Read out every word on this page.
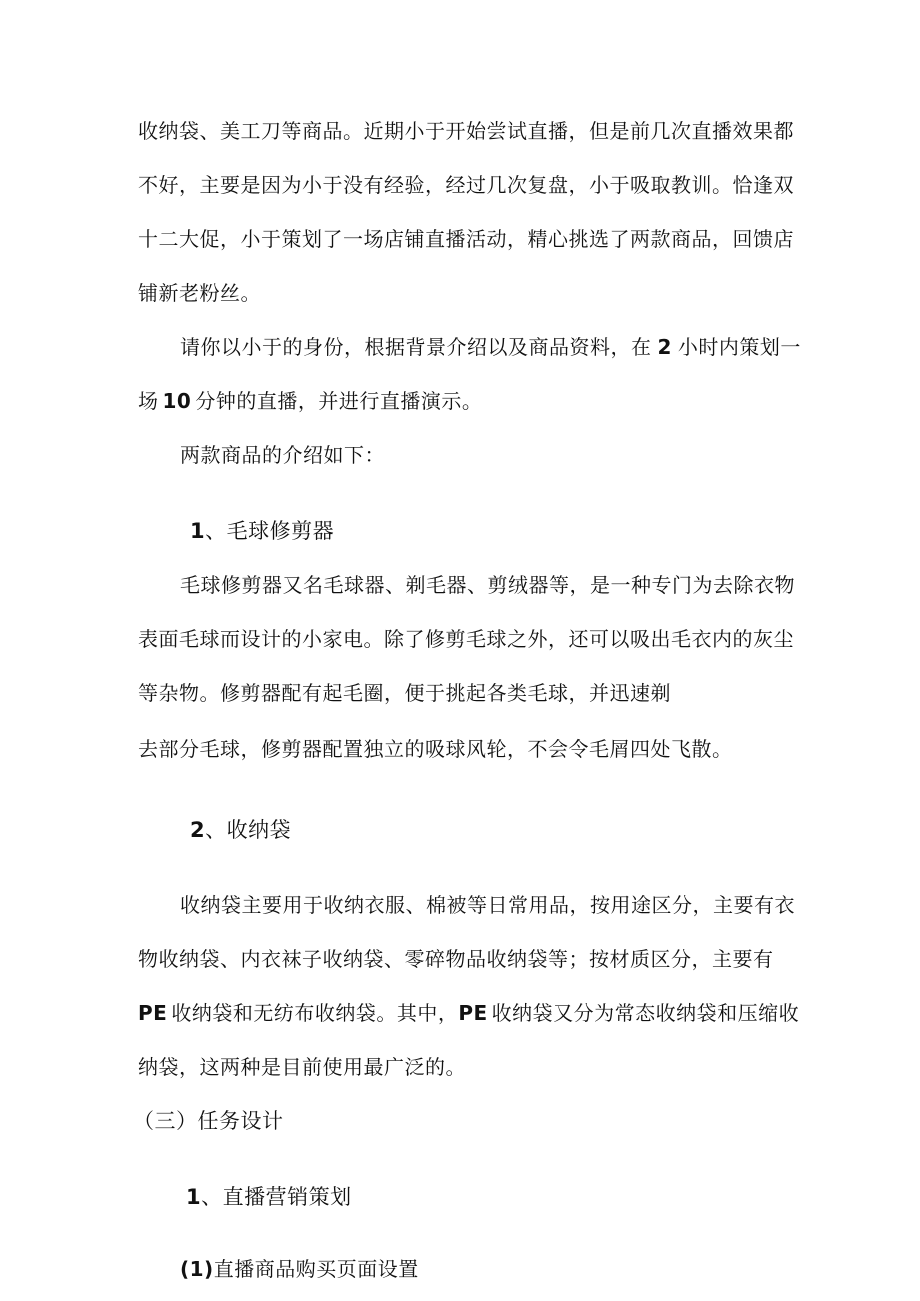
收纳袋、美工刀等商品。近期小于开始尝试直播，但是前几次直播效果都
不好，主要是因为小于没有经验，经过几次复盘，小于吸取教训。恰逢双
十二大促，小于策划了一场店铺直播活动，精心挑选了两款商品，回馈店
铺新老粉丝。
请你以小于的身份，根据背景介绍以及商品资料，在 2 小时内策划一
场 10 分钟的直播，并进行直播演示。
两款商品的介绍如下：
1、毛球修剪器
毛球修剪器又名毛球器、剃毛器、剪绒器等，是一种专门为去除衣物
表面毛球而设计的小家电。除了修剪毛球之外，还可以吸出毛衣内的灰尘
等杂物。修剪器配有起毛圈，便于挑起各类毛球，并迅速剃
去部分毛球，修剪器配置独立的吸球风轮，不会令毛屑四处飞散。
2、收纳袋
收纳袋主要用于收纳衣服、棉被等日常用品，按用途区分，主要有衣
物收纳袋、内衣袜子收纳袋、零碎物品收纳袋等；按材质区分，主要有
PE 收纳袋和无纺布收纳袋。其中，PE 收纳袋又分为常态收纳袋和压缩收
纳袋，这两种是目前使用最广泛的。
（三）任务设计
1、直播营销策划
(1)直播商品购买页面设置
